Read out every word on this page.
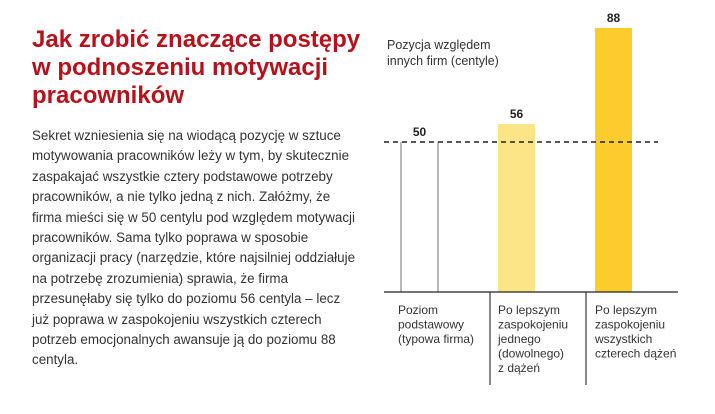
Jak zrobić znaczące postępy w podnoszeniu motywacji pracowników

Sekret wzniesienia się na wiodącą pozycję w sztuce motywowania pracowników leży w tym, by skutecznie zaspakajać wszystkie cztery podstawowe potrzeby pracowników, a nie tylko jedną z nich. Załóżmy, że firma mieści się w 50 centylu pod względem motywacji pracowników. Sama tylko poprawa w sposobie organizacji pracy (narzędzie, które najsilniej oddziałuje na potrzebę zrozumienia) sprawia, że firma przesunęłaby się tylko do poziomu 56 centyla – lecz już poprawa w zaspokojeniu wszystkich czterech potrzeb emocjonalnych awansuje ją do poziomu 88 centyla.

Pozycja względem innych firm (centyle)
50
56
88
Poziom podstawowy (typowa firma)
Po lepszym zaspokojeniu jednego (dowolnego) z dążeń
Po lepszym zaspokojeniu wszystkich czterech dążeń
